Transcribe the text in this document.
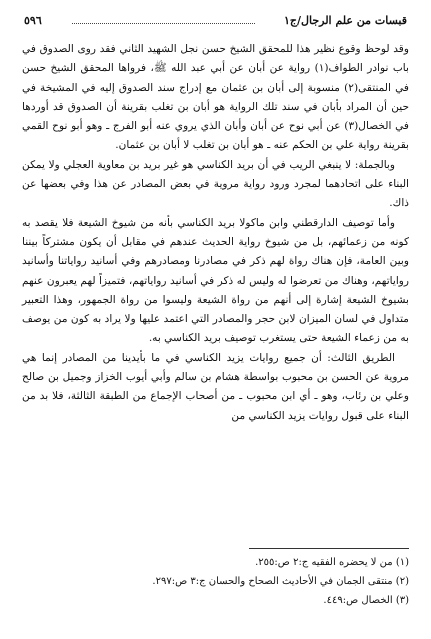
قبسات من علم الرجال/ج١
٥٩٦

وقد لوحظ وقوع نظير هذا للمحقق الشيخ حسن نجل الشهيد الثاني فقد روى الصدوق في باب نوادر الطواف(١) رواية عن أبان عن أبي عبد الله ﷺ، فرواها المحقق الشيخ حسن في المنتقى(٢) منسوبة إلى أبان بن عثمان مع إدراج سند الصدوق إليه في المشيخة في حين أن المراد بأبان في سند تلك الرواية هو أبان بن تغلب بقرينة أن الصدوق قد أوردها في الخصال(٣) عن أبي نوح عن أبان وأبان الذي يروي عنه أبو الفرج ـ وهو أبو نوح القمي بقرينة رواية علي بن الحكم عنه ـ هو أبان بن تغلب لا أبان بن عثمان.

وبالجملة: لا ينبغي الريب في أن بريد الكناسي هو غير بريد بن معاوية العجلي ولا يمكن البناء على اتحادهما لمجرد ورود رواية مروية في بعض المصادر عن هذا وفي بعضها عن ذاك.

وأما توصيف الدارقطني وابن ماكولا بريد الكناسي بأنه من شيوخ الشيعة فلا يقصد به كونه من زعمائهم، بل من شيوخ رواية الحديث عندهم في مقابل أن يكون مشتركاً بيننا وبين العامة، فإن هناك رواة لهم ذكر في مصادرنا ومصادرهم وفي أسانيد رواياتنا وأسانيد رواياتهم، وهناك من تعرضوا له وليس له ذكر في أسانيد رواياتهم، فتميزاً لهم يعبرون عنهم بشيوخ الشيعة إشارة إلى أنهم من رواة الشيعة وليسوا من رواة الجمهور، وهذا التعبير متداول في لسان الميزان لابن حجر والمصادر التي اعتمد عليها ولا يراد به كون من يوصف به من زعماء الشيعة حتى يستغرب توصيف بريد الكناسي به.

الطريق الثالث: أن جميع روايات يزيد الكناسي في ما بأيدينا من المصادر إنما هي مروية عن الحسن بن محبوب بواسطة هشام بن سالم وأبي أيوب الخزاز وجميل بن صالح وعلي بن رئاب، وهو ـ أي ابن محبوب ـ من أصحاب الإجماع من الطبقة الثالثة، فلا بد من البناء على قبول روايات يزيد الكناسي من

(١) من لا يحضره الفقيه ج:٢ ص:٢٥٥.
(٢) منتقى الجمان في الأحاديث الصحاح والحسان ج:٣ ص:٢٩٧.
(٣) الخصال ص:٤٤٩.
